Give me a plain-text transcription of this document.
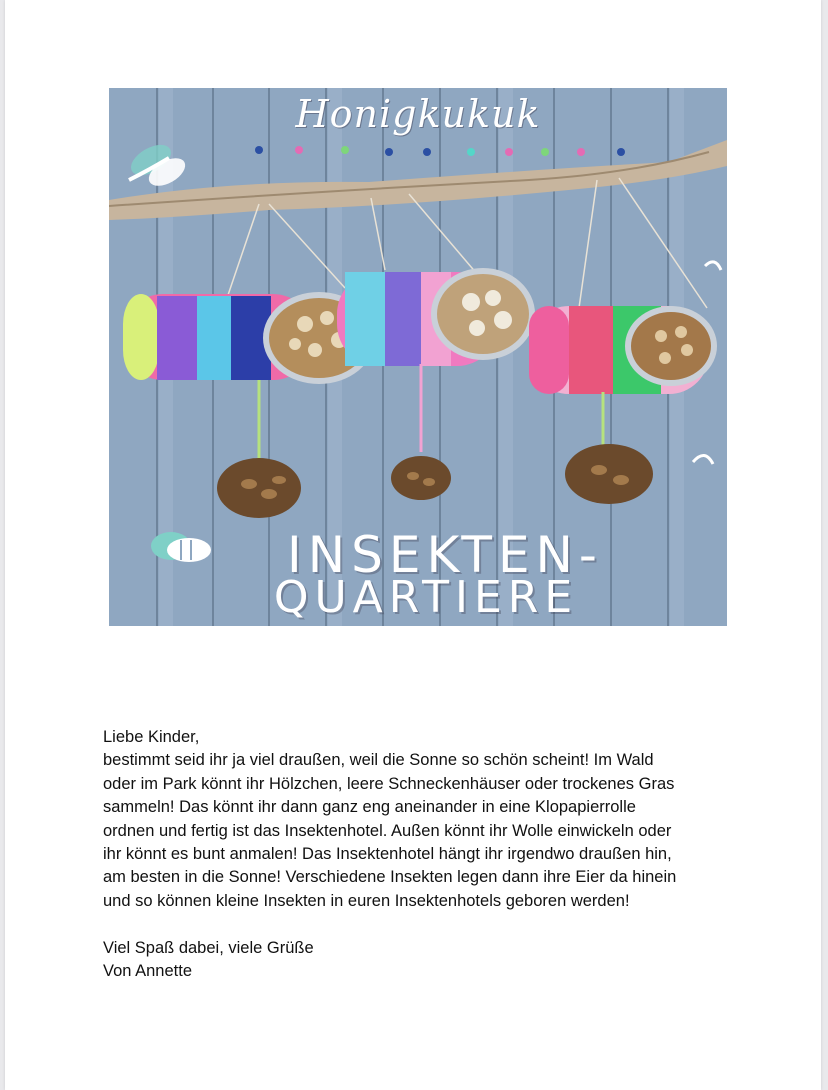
Honigkukuk
INSEKTEN-
QUARTIERE

Liebe Kinder,

bestimmt seid ihr ja viel draußen, weil die Sonne so schön scheint! Im Wald

oder im Park könnt ihr Hölzchen, leere Schneckenhäuser oder trockenes Gras

sammeln! Das könnt ihr dann ganz eng aneinander in eine Klopapierrolle

ordnen und fertig ist das Insektenhotel. Außen könnt ihr Wolle einwickeln oder

ihr könnt es bunt anmalen! Das Insektenhotel hängt ihr irgendwo draußen hin,

am besten in die Sonne! Verschiedene Insekten legen dann ihre Eier da hinein

und so können kleine Insekten in euren Insektenhotels geboren werden!

Viel Spaß dabei, viele Grüße

Von Annette
